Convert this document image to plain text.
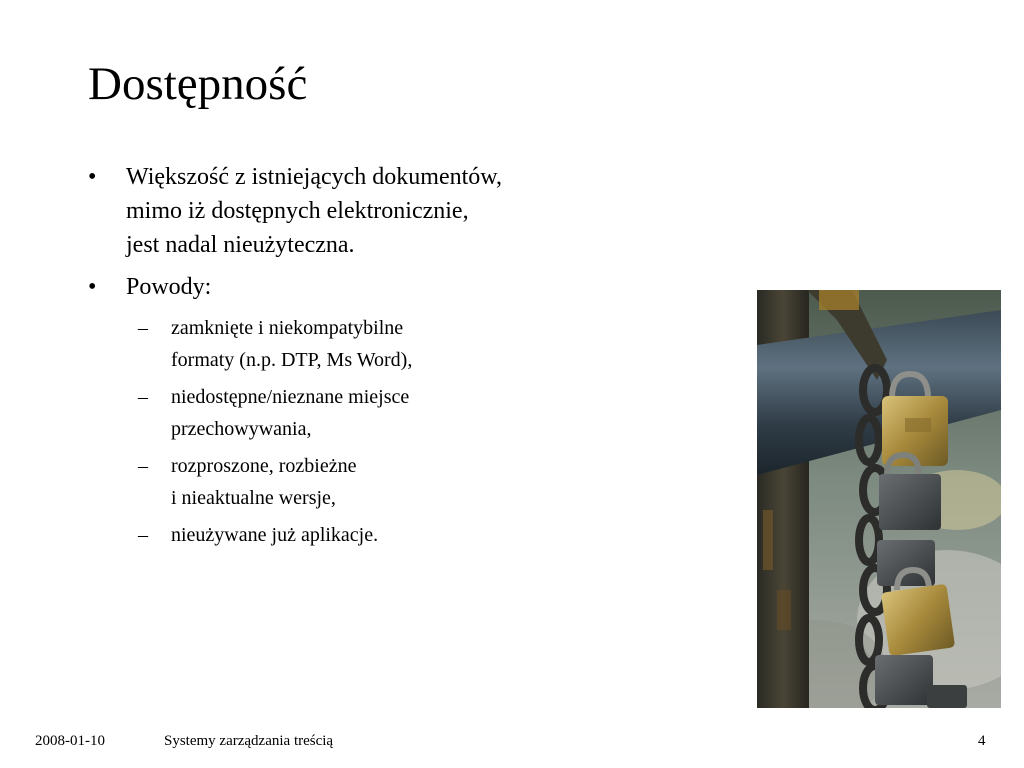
Dostępność
• Większość z istniejących dokumentów,
mimo iż dostępnych elektronicznie,
jest nadal nieużyteczna.
• Powody:
– zamknięte i niekompatybilne
formaty (n.p. DTP, Ms Word),
– niedostępne/nieznane miejsce
przechowywania,
– rozproszone, rozbieżne
i nieaktualne wersje,
– nieużywane już aplikacje.
2008-01-10	Systemy zarządzania treścią	4
